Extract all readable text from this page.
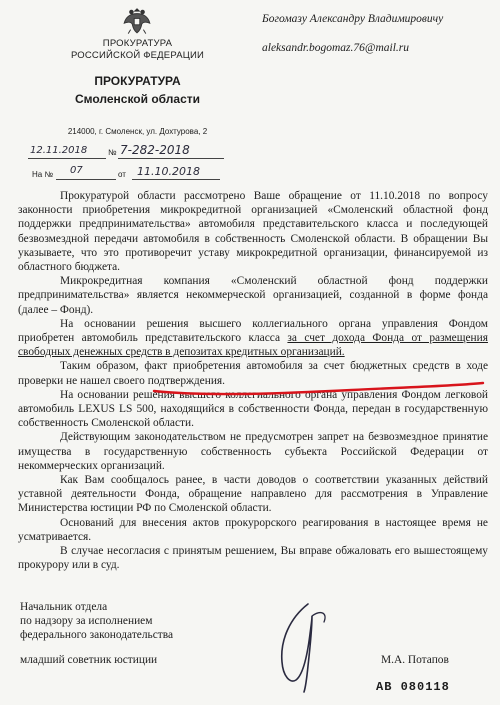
ПРОКУРАТУРА
РОССИЙСКОЙ ФЕДЕРАЦИИ
ПРОКУРАТУРА
Смоленской области
214000, г. Смоленск, ул. Дохтурова, 2
12.11.2018	№ 7-282-2018
На № 07	от 11.10.2018
Богомазу Александру Владимировичу
aleksandr.bogomaz.76@mail.ru

Прокуратурой области рассмотрено Ваше обращение от 11.10.2018 по вопросу законности приобретения микрокредитной организацией «Смоленский областной фонд поддержки предпринимательства» автомобиля представительского класса и последующей безвозмездной передачи автомобиля в собственность Смоленской области. В обращении Вы указываете, что это противоречит уставу микрокредитной организации, финансируемой из областного бюджета.

Микрокредитная компания «Смоленский областной фонд поддержки предпринимательства» является некоммерческой организацией, созданной в форме фонда (далее – Фонд).

На основании решения высшего коллегиального органа управления Фондом приобретен автомобиль представительского класса за счет дохода Фонда от размещения свободных денежных средств в депозитах кредитных организаций.

Таким образом, факт приобретения автомобиля за счет бюджетных средств в ходе проверки не нашел своего подтверждения.

На основании решения высшего коллегиального органа управления Фондом легковой автомобиль LEXUS LS 500, находящийся в собственности Фонда, передан в государственную собственность Смоленской области.

Действующим законодательством не предусмотрен запрет на безвозмездное принятие имущества в государственную собственность субъекта Российской Федерации от некоммерческих организаций.

Как Вам сообщалось ранее, в части доводов о соответствии указанных действий уставной деятельности Фонда, обращение направлено для рассмотрения в Управление Министерства юстиции РФ по Смоленской области.

Оснований для внесения актов прокурорского реагирования в настоящее время не усматривается.

В случае несогласия с принятым решением, Вы вправе обжаловать его вышестоящему прокурору или в суд.

Начальник отдела
по надзору за исполнением
федерального законодательства
младший советник юстиции	М.А. Потапов
АВ 080118
